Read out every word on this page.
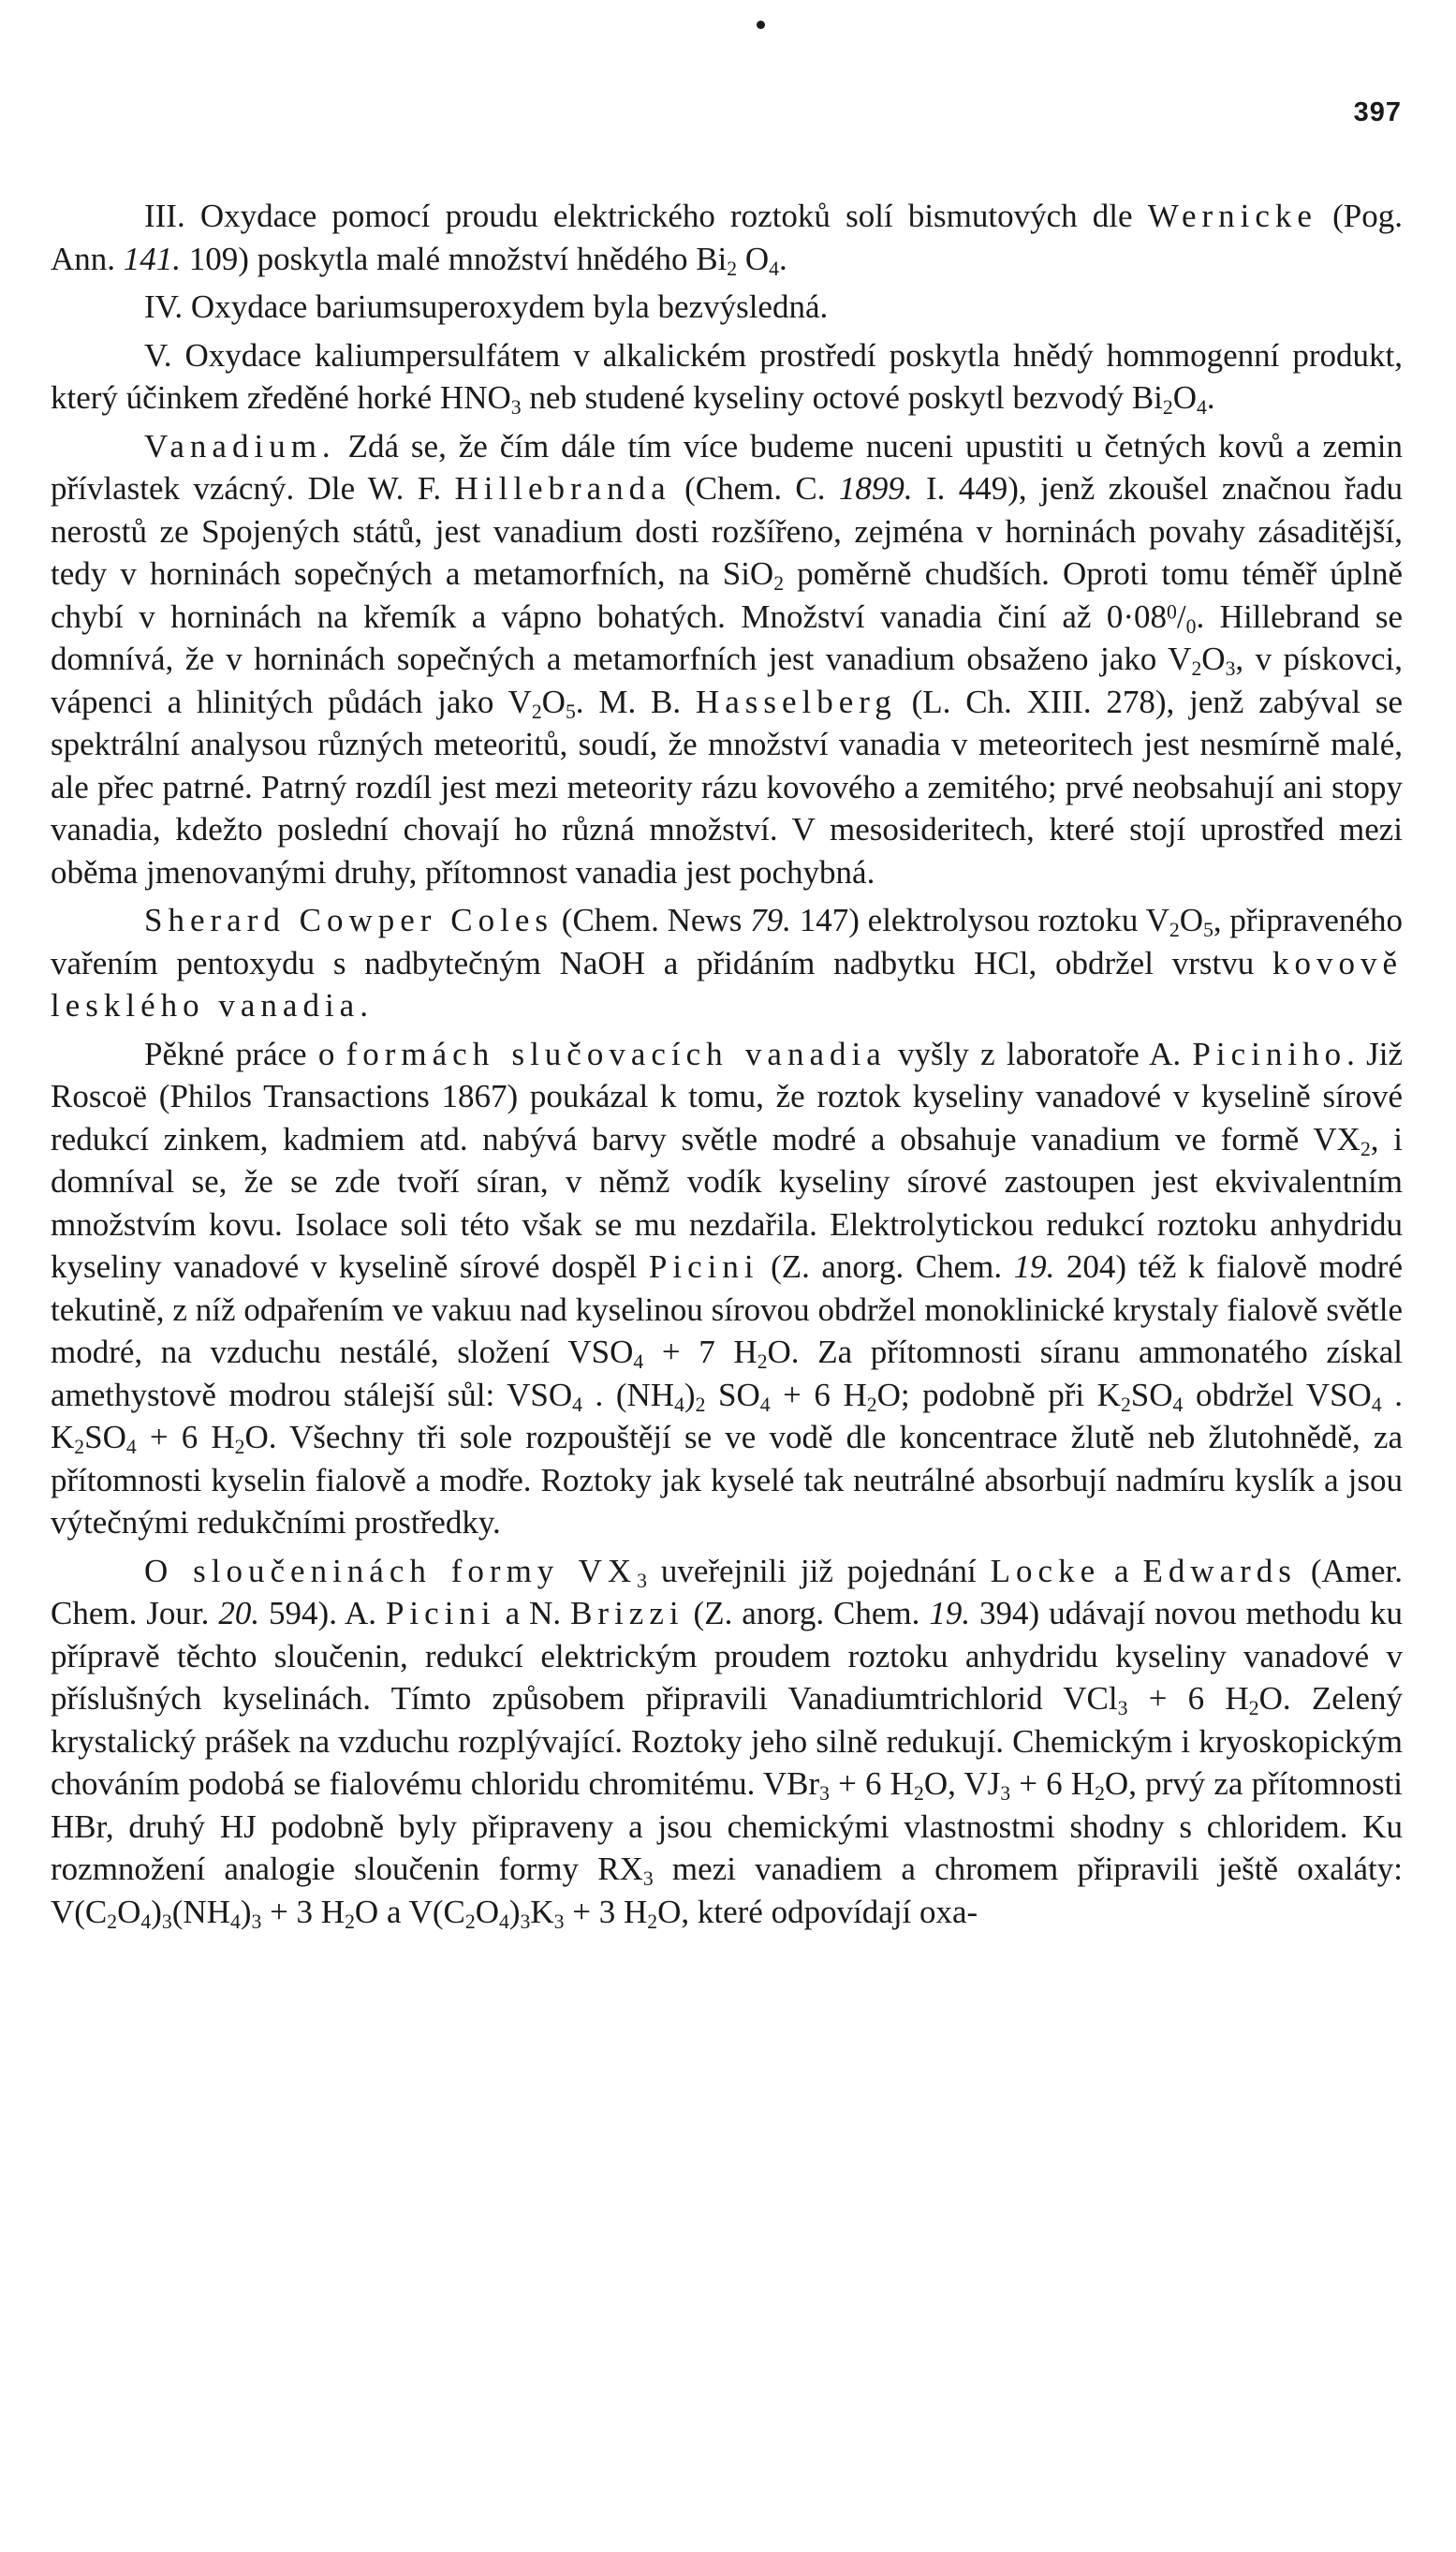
397

III. Oxydace pomocí proudu elektrického roztoků solí bismutových dle Wernicke (Pog. Ann. 141. 109) poskytla malé množství hnědého $Bi_2$ $O_4$.

IV. Oxydace bariumsuperoxydem byla bezvýsledná.

V. Oxydace kaliumpersulfátem v alkalickém prostředí poskytla hnědý hommogenní produkt, který účinkem zředěné horké $HNO_3$ neb studené kyseliny octové poskytl bezvodý $Bi_2O_4$.

Vanadium. Zdá se, že čím dále tím více budeme nuceni upustiti u četných kovů a zemin přívlastek vzácný. Dle W. F. Hillebranda (Chem. C. 1899. I. 449), jenž zkoušel značnou řadu nerostů ze Spojených států, jest vanadium dosti rozšířeno, zejména v horninách povahy zásaditější, tedy v horninách sopečných a metamorfních, na SiO$_2$ poměrně chudších. Oproti tomu téměř úplně chybí v horninách na křemík a vápno bohatých. Množství vanadia činí až $0\cdot 08^0/_0$. Hillebrand se domnívá, že v horninách sopečných a metamorfních jest vanadium obsaženo jako $V_2O_3$, v pískovci, vápenci a hlinitých půdách jako $V_2O_5$. M. B. Hasselberg (L. Ch. XIII. 278), jenž zabýval se spektrální analysou různých meteoritů, soudí, že množství vanadia v meteoritech jest nesmírně malé, ale přec patrné. Patrný rozdíl jest mezi meteority rázu kovového a zemitého; prvé neobsahují ani stopy vanadia, kdežto poslední chovají ho různá množství. V mesosideritech, které stojí uprostřed mezi oběma jmenovanými druhy, přítomnost vanadia jest pochybná.

Sherard Cowper Coles (Chem. News 79. 147) elektrolysou roztoku $V_2O_5$, připraveného vařením pentoxydu s nadbytečným NaOH a přidáním nadbytku HCl, obdržel vrstvu kovově lesklého vanadia.

Pěkné práce o formách slučovacích vanadia vyšly z laboratoře A. Piciniho. Již Roscoë (Philos Transactions 1867) poukázal k tomu, že roztok kyseliny vanadové v kyselině sírové redukcí zinkem, kadmiem atd. nabývá barvy světle modré a obsahuje vanadium ve formě $VX_2$, i domníval se, že se zde tvoří síran, v němž vodík kyseliny sírové zastoupen jest ekvivalentním množstvím kovu. Isolace soli této však se mu nezdařila. Elektrolytickou redukcí roztoku anhydridu kyseliny vanadové v kyselině sírové dospěl Picini (Z. anorg. Chem. 19. 204) též k fialově modré tekutině, z níž odpařením ve vakuu nad kyselinou sírovou obdržel monoklinické krystaly fialově světle modré, na vzduchu nestálé, složení $VSO_4 + 7$ $H_2O$. Za přítomnosti síranu ammonatého získal amethystově modrou stálejší sůl: $VSO_4$ . $(NH_4)_2$ $SO_4 + 6$ $H_2O$; podobně při $K_2SO_4$ obdržel $VSO_4$ . $K_2SO_4 + 6$ $H_2O$. Všechny tři sole rozpouštějí se ve vodě dle koncentrace žlutě neb žlutohnědě, za přítomnosti kyselin fialově a modře. Roztoky jak kyselé tak neutrálné absorbují nadmíru kyslík a jsou výtečnými redukčními prostředky.

O sloučeninách formy $VX_3$ uveřejnili již pojednání Locke a Edwards (Amer. Chem. Jour. 20. 594). A. Picini a N. Brizzi (Z. anorg. Chem. 19. 394) udávají novou methodu ku přípravě těchto sloučenin, redukcí elektrickým proudem roztoku anhydridu kyseliny vanadové v příslušných kyselinách. Tímto způsobem připravili Vanadiumtrichlorid VCl$_3$ + 6 $H_2O$. Zelený krystalický prášek na vzduchu rozplývající. Roztoky jeho silně redukují. Chemickým i kryoskopickým chováním podobá se fialovému chloridu chromitému. VBr$_3$ + 6 $H_2O$, $VJ_3 + 6$ $H_2O$, prvý za přítomnosti HBr, druhý HJ podobně byly připraveny a jsou chemickými vlastnostmi shodny s chloridem. Ku rozmnožení analogie sloučenin formy $RX_3$ mezi vanadiem a chromem připravili ještě oxaláty: $V(C_2O_4)_3(NH_4)_3 + 3$ $H_2O$ a $V(C_2O_4)_3K_3 + 3$ $H_2O$, které odpovídají oxa-
